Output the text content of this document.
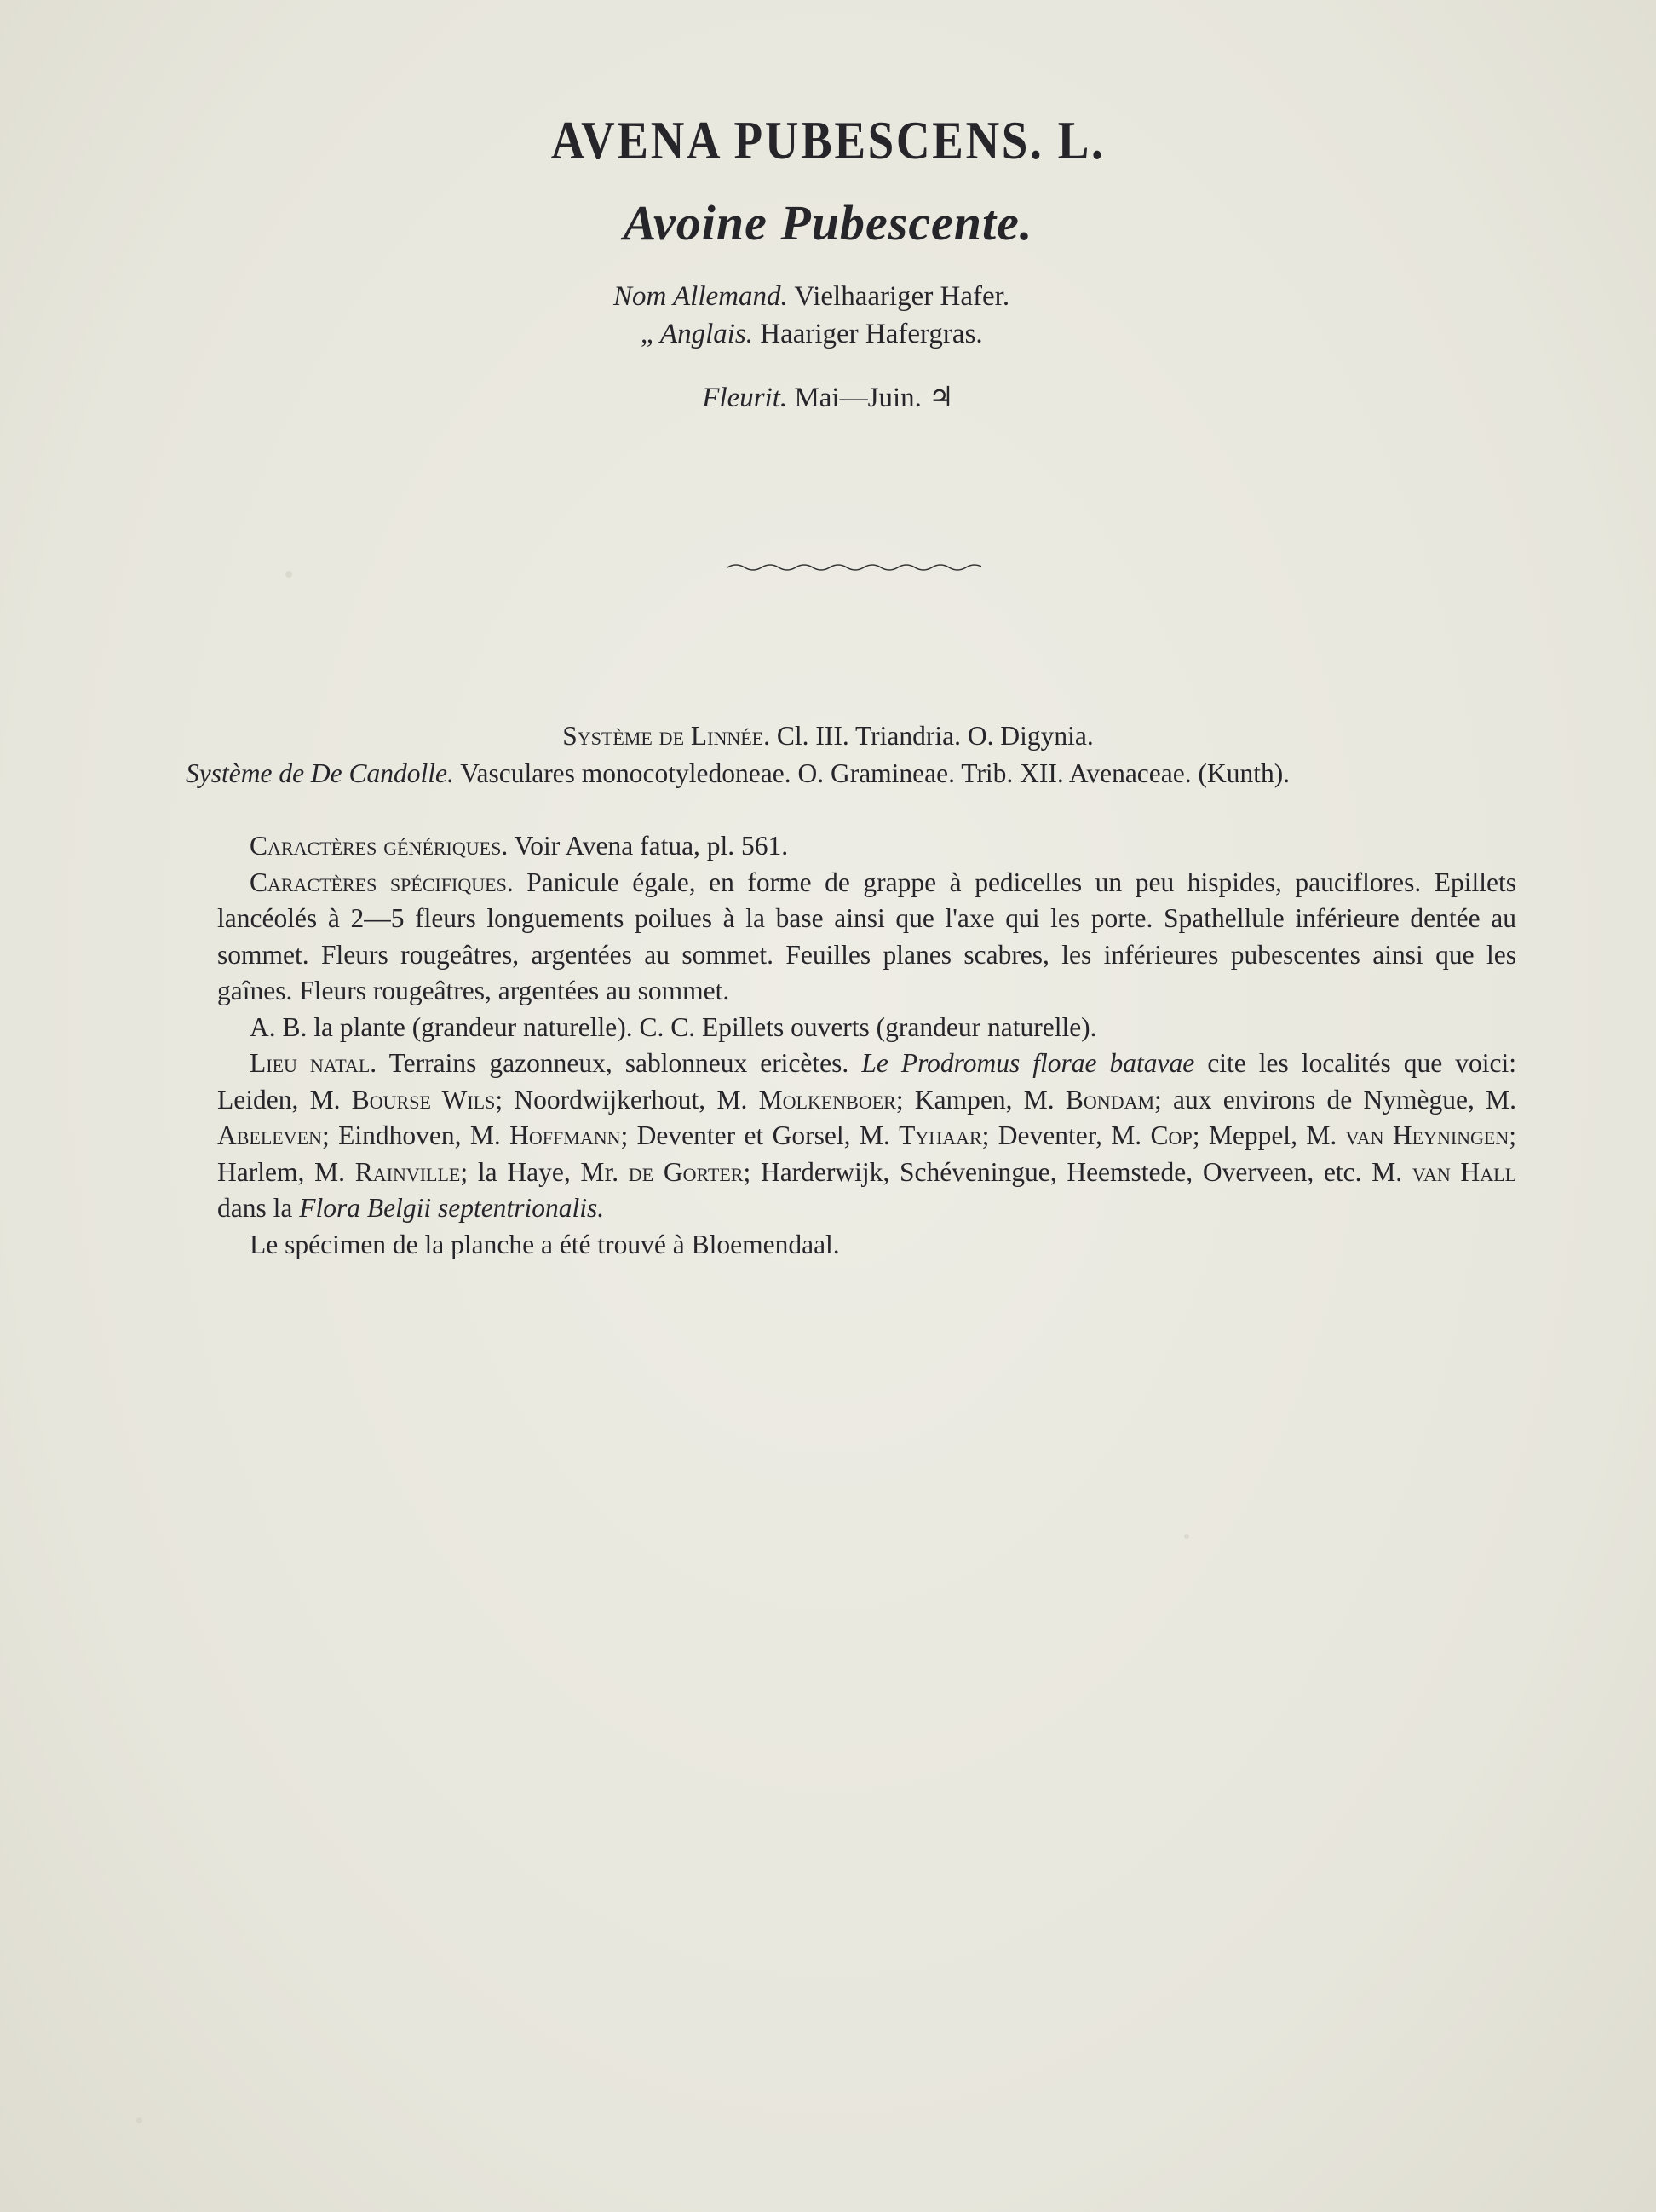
AVENA PUBESCENS. L.
Avoine Pubescente.
Nom Allemand. Vielhaariger Hafer.
„ Anglais. Haariger Hafergras.
Fleurit. Mai—Juin. ♃
Système de Linnée. Cl. III. Triandria. O. Digynia.
Système de De Candolle. Vasculares monocotyledoneae. O. Gramineae. Trib. XII. Avenaceae. (Kunth).

Caractères génériques. Voir Avena fatua, pl. 561.

Caractères spécifiques. Panicule égale, en forme de grappe à pedicelles un peu hispides, pauciflores. Epillets lancéolés à 2—5 fleurs longuements poilues à la base ainsi que l'axe qui les porte. Spathellule inférieure dentée au sommet. Fleurs rougeâtres, argentées au sommet. Feuilles planes scabres, les inférieures pubescentes ainsi que les gaînes. Fleurs rougeâtres, argentées au sommet.

A. B. la plante (grandeur naturelle). C. C. Epillets ouverts (grandeur naturelle).

Lieu natal. Terrains gazonneux, sablonneux ericètes. Le Prodromus florae batavae cite les localités que voici: Leiden, M. Bourse Wils; Noordwijkerhout, M. Molkenboer; Kampen, M. Bondam; aux environs de Nymègue, M. Abeleven; Eindhoven, M. Hoffmann; Deventer et Gorsel, M. Tyhaar; Deventer, M. Cop; Meppel, M. van Heyningen; Harlem, M. Rainville; la Haye, Mr. de Gorter; Harderwijk, Schéveningue, Heemstede, Overveen, etc. M. van Hall dans la Flora Belgii septentrionalis.

Le spécimen de la planche a été trouvé à Bloemendaal.
